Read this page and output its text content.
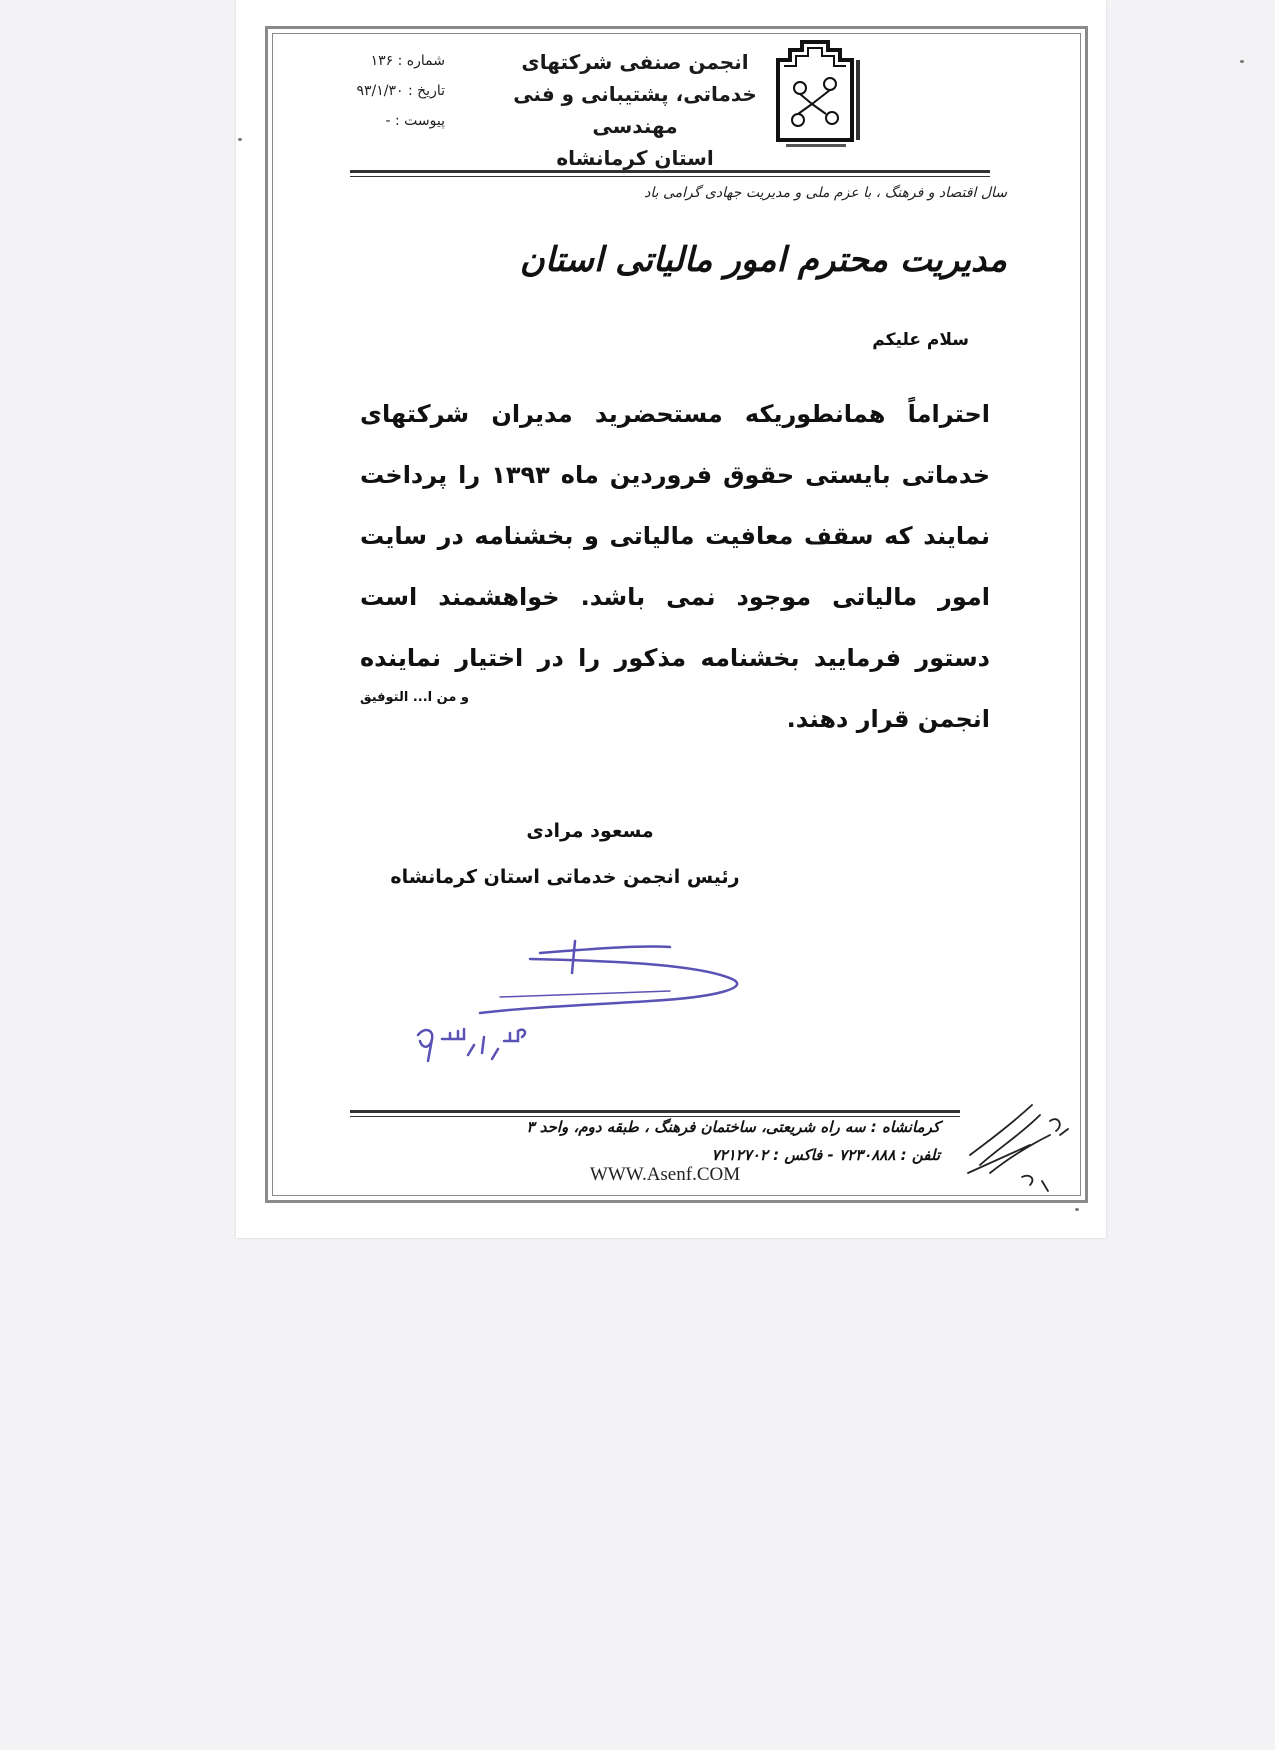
شماره : ۱۳۶
تاریخ : ۹۳/۱/۳۰
پیوست : -
انجمن صنفی شرکتهای
خدماتی، پشتیبانی و فنی مهندسی
استان کرمانشاه
سال اقتصاد و فرهنگ ، با عزم ملی و مدیریت جهادی گرامی باد
مدیریت محترم امور مالیاتی استان
سلام علیکم
احتراماً همانطوریکه مستحضرید مدیران شرکتهای خدماتی بایستی حقوق فروردین ماه ۱۳۹۳ را پرداخت نمایند که سقف معافیت مالیاتی و بخشنامه در سایت امور مالیاتی موجود نمی باشد. خواهشمند است دستور فرمایید بخشنامه مذکور را در اختیار نماینده انجمن قرار دهند.
و من ا... التوفیق
مسعود مرادی
رئیس انجمن خدماتی استان کرمانشاه
کرمانشاه : سه راه شریعتی، ساختمان فرهنگ ، طبقه دوم، واحد ۳
تلفن : ۷۲۳۰۸۸۸ - فاکس : ۷۲۱۲۷۰۲
WWW.Asenf.COM
